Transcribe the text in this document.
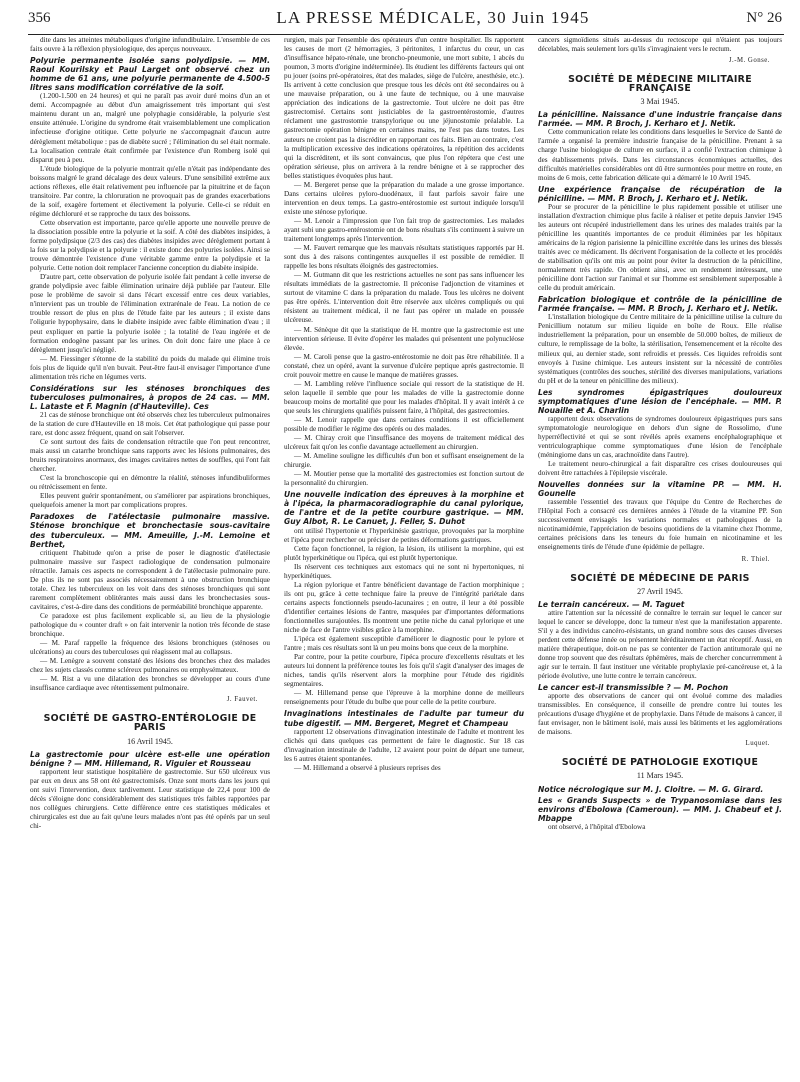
356	LA PRESSE MÉDICALE, 30 Juin 1945	N° 26

dite dans les atteintes métaboliques d'origine infundibulaire. L'ensemble de ces faits ouvre à la réflexion physiologique, des aperçus nouveaux.

Polyurie permanente isolée sans polydipsie. — MM. Raoul Kourilsky et Paul Larget ont observé chez un homme de 61 ans, une polyurie permanente de 4.500-5 litres sans modification corrélative de la soif.

(1.200-1.500 en 24 heures) et qui ne paraît pas avoir duré moins d'un an et demi. Accompagnée au début d'un amaigrissement très important qui s'est maintenu durant un an, malgré une polyphagie considérable, la polyurie s'est ensuite atténuée. L'origine du syndrome était vraisemblablement une complication infectieuse d'origine otitique. Cette polyurie ne s'accompagnait d'aucun autre dérèglement métabolique : pas de diabète sucré ; l'élimination du sel était normale. La localisation centrale était confirmée par l'existence d'un Romberg isolé qui disparut peu à peu.

L'étude biologique de la polyurie montrait qu'elle n'était pas indépendante des boissons malgré le grand décalage des deux valeurs. D'une sensibilité extrême aux actions réflexes, elle était relativement peu influencée par la pituitrine et de façon transitoire. Par contre, la chloruration ne provoquait pas de grandes exacerbations de la soif, exagère fortement et électivement la polyurie. Celle-ci se réduit en régime déchloruré et se rapproche du taux des boissons.

Cette observation est importante, parce qu'elle apporte une nouvelle preuve de la dissociation possible entre la polyurie et la soif. A côté des diabètes insipides, à forme polydipsique (2/3 des cas) des diabètes insipides avec dérèglement portant à la fois sur la polydipsie et la polyurie : il existe donc des polyuries isolées. Ainsi se trouve démontrée l'existence d'une véritable gamme entre la polydipsie et la polyurie. Cette notion doit remplacer l'ancienne conception du diabète insipide.

D'autre part, cette observation de polyurie isolée fait pendant à celle inverse de grande polydipsie avec faible élimination urinaire déjà publiée par l'auteur. Elle pose le problème de savoir si dans l'écart excessif entre ces deux variables, n'intervient pas un trouble de l'élimination extrarénale de l'eau. La notion de ce trouble ressort de plus en plus de l'étude faite par les auteurs ; il existe dans l'oligurie hypophysaire, dans le diabète insipide avec faible élimination d'eau ; il peut expliquer en partie la polyurie isolée ; la totalité de l'eau ingérée et de formation endogène passant par les urines. On doit donc faire une place à ce dérèglement jusqu'ici négligé.

— M. Fiessinger s'étonne de la stabilité du poids du malade qui élimine trois fois plus de liquide qu'il n'en buvait. Peut-être faut-il envisager l'importance d'une alimentation très riche en légumes verts.

Considérations sur les sténoses bronchiques des tuberculoses pulmonaires, à propos de 24 cas. — MM. L. Lataste et F. Magnin (d'Hauteville). Ces

21 cas de sténose bronchique ont été observés chez les tuberculeux pulmonaires de la station de cure d'Hauteville en 18 mois. Cet état pathologique qui passe pour rare, est donc assez fréquent, quand on sait l'observer.

Ce sont surtout des faits de condensation rétractile que l'on peut rencontrer, mais aussi un catarrhe bronchique sans rapports avec les lésions pulmonaires, des bruits respiratoires anormaux, des images cavitaires nettes de souffles, qui l'ont fait chercher.

C'est la bronchoscopie qui en démontre la réalité, sténoses infundibuliformes ou rétrécissement en fente.

Elles peuvent guérir spontanément, ou s'améliorer par aspirations bronchiques, quelquefois amener la mort par complications propres.

Paradoxes de l'atélectasie pulmonaire massive. Sténose bronchique et bronchectasie sous-cavitaire des tuberculeux. — MM. Ameuille, J.-M. Lemoine et Berthet,

critiquent l'habitude qu'on a prise de poser le diagnostic d'atélectasie pulmonaire massive sur l'aspect radiologique de condensation pulmonaire rétractile. Jamais ces aspects ne correspondent à de l'atélectasie pulmonaire pure. De plus ils ne sont pas associés nécessairement à une obstruction bronchique totale. Chez les tuberculeux on les voit dans des sténoses bronchiques qui sont rarement complètement oblitérantes mais aussi dans les bronchectasies sous-cavitaires, c'est-à-dire dans des conditions de perméabilité bronchique apparente.

Ce paradoxe est plus facilement explicable si, au lieu de la physiologie pathologique du « counter draft » on fait intervenir la notion très féconde de stase bronchique.

— M. Paraf rappelle la fréquence des lésions bronchiques (sténoses ou ulcérations) au cours des tuberculoses qui réagissent mal au collapsus.

— M. Lenègre a souvent constaté des lésions des bronches chez des malades chez les sujets classés comme scléreux pulmonaires ou emphysémateux.

— M. Rist a vu une dilatation des bronches se développer au cours d'une insuffisance cardiaque avec rétentissement pulmonaire.

J. Fauvet.

SOCIÉTÉ DE GASTRO-ENTÉROLOGIE DE PARIS
16 Avril 1945.

La gastrectomie pour ulcère est-elle une opération bénigne ? — MM. Hillemand, R. Viguier et Rousseau

rapportent leur statistique hospitalière de gastrectomie. Sur 650 ulcéreux vus par eux en deux ans 58 ont été gastrectomisés. Onze sont morts dans les jours qui ont suivi l'intervention, deux tardivement. Leur statistique de 22,4 pour 100 de décès s'éloigne donc considérablement des statistiques très faibles rapportées par nos collègues chirurgiens. Cette différence entre ces statistiques médicales et chirurgicales est due au fait qu'une leurs malades n'ont pas été opérés par un seul chi-

rurgien, mais par l'ensemble des opérateurs d'un centre hospitalier. Ils rapportent les causes de mort (2 hémorragies, 3 péritonites, 1 infarctus du cœur, un cas d'insuffisance hépato-rénale, une broncho-pneumonie, une mort subite, 1 abcès du poumon, 3 morts d'origine indéterminée). Ils étudient les différents facteurs qui ont pu jouer (soins pré-opératoires, état des malades, siège de l'ulcère, anesthésie, etc.). Ils arrivent à cette conclusion que presque tous les décès ont été secondaires ou à une mauvaise préparation, ou à une faute de technique, ou à une mauvaise appréciation des indications de la gastrectomie. Tout ulcère ne doit pas être gastrectomisé. Certains sont justiciables de la gastroentérostomie, d'autres réclament une gastrostomie transpylorique ou une jéjunostomie préalable. La gastrectomie opération bénigne en certaines mains, ne l'est pas dans toutes. Les auteurs ne croient pas la discréditer en rapportant ces faits. Bien au contraire, c'est la multiplication excessive des indications opératoires, la répétition des accidents qui la discréditent, et ils sont convaincus, que plus l'on répétera que c'est une opération sérieuse, plus on arrivera à la rendre bénigne et à se rapprocher des belles statistiques évoquées plus haut.

— M. Bergeret pense que la préparation du malade a une grosse importance. Dans certains ulcères pyloro-duodénaux, il faut parfois savoir faire une intervention en deux temps. La gastro-entérostomie est surtout indiquée lorsqu'il existe une sténose pylorique.

— M. Lenoir a l'impression que l'on fait trop de gastrectomies. Les malades ayant subi une gastro-entérostomie ont de bons résultats s'ils continuent à suivre un traitement longtemps après l'intervention.

— M. Fauvert remarque que les mauvais résultats statistiques rapportés par H. sont dus à des raisons contingentes auxquelles il est possible de remédier. Il rappelle les bons résultats éloignés des gastrectomies.

— M. Gutmann dit que les restrictions actuelles ne sont pas sans influencer les résultats immédiats de la gastrectomie. Il préconise l'adjonction de vitamines et surtout de vitamine C dans la préparation du malade. Tous les ulcères ne doivent pas être opérés. L'intervention doit être réservée aux ulcères compliqués ou qui résistent au traitement médical, il ne faut pas opérer un malade en poussée ulcéreuse.

— M. Sénèque dit que la statistique de H. montre que la gastrectomie est une intervention sérieuse. Il évite d'opérer les malades qui présentent une polynucléose élevée.

— M. Caroli pense que la gastro-entérostomie ne doit pas être réhabilitée. Il a constaté, chez un opéré, avant la survenue d'ulcère peptique après gastrectomie. Il croit pouvoir mettre en cause le manque de matières grasses.

— M. Lambling relève l'influence sociale qui ressort de la statistique de H. selon laquelle il semble que pour les malades de ville la gastrectomie donne beaucoup moins de mortalité que pour les malades d'hôpital. Il y avait intérêt à ce que seuls les chirurgiens qualifiés puissent faire, à l'hôpital, des gastrectomies.

— M. Lenoir rappelle que dans certaines conditions il est officiellement possible de modifier le régime des opérés ou des malades.

— M. Chiray croit que l'insuffisance des moyens de traitement médical des ulcéreux fait qu'on les confie davantage actuellement au chirurgien.

— M. Ameline souligne les difficultés d'un bon et suffisant enseignement de la chirurgie.

— M. Moutier pense que la mortalité des gastrectomies est fonction surtout de la personnalité du chirurgien.

Une nouvelle indication des épreuves à la morphine et à l'ipéca, la pharmacoradiographie du canal pylorique, de l'antre et de la petite courbure gastrique. — MM. Guy Albot, R. Le Canuet, J. Feller, S. Duhot

ont utilisé l'hypertonie et l'hyperkinésie gastrique, provoquées par la morphine et l'ipéca pour rechercher ou préciser de petites déformations gastriques.

Cette façon fonctionnel, la région, la lésion, ils utilisent la morphine, qui est plutôt hyperkinétique ou l'ipéca, qui est plutôt hypertonique.

Ils réservent ces techniques aux estomacs qui ne sont ni hypertoniques, ni hyperkinétiques.

La région pylorique et l'antre bénéficient davantage de l'action morphinique ; ils ont pu, grâce à cette technique faire la preuve de l'intégrité pariétale dans certains aspects fonctionnels pseudo-lacunaires ; en outre, il leur a été possible d'identifier certaines lésions de l'antre, masquées par d'importantes déformations fonctionnelles surajoutées. Ils montrent une petite niche du canal pylorique et une niche de face de l'antre visibles grâce à la morphine.

L'ipéca est également susceptible d'améliorer le diagnostic pour le pylore et l'antre ; mais ces résultats sont là un peu moins bons que ceux de la morphine.

Par contre, pour la petite courbure, l'ipéca procure d'excellents résultats et les auteurs lui donnent la préférence toutes les fois qu'il s'agit d'analyser des images de niches, tandis qu'ils réservent alors la morphine pour l'étude des rigidités segmentaires.

— M. Hillemand pense que l'épreuve à la morphine donne de meilleurs renseignements pour l'étude du bulbe que pour celle de la petite courbure.

Invaginations intestinales de l'adulte par tumeur du tube digestif. — MM. Bergeret, Megret et Champeau

rapportent 12 observations d'invagination intestinale de l'adulte et montrent les clichés qui dans quelques cas permettent de faire le diagnostic. Sur 18 cas d'invagination intestinale de l'adulte, 12 avaient pour point de départ une tumeur, les 6 autres étaient spontanées.

— M. Hillemand a observé à plusieurs reprises des

cancers sigmoïdiens situés au-dessus du rectoscope qui n'étaient pas toujours décelables, mais seulement lors qu'ils s'invaginaient vers le rectum.

J.-M. Gonse.

SOCIÉTÉ DE MÉDECINE MILITAIRE FRANÇAISE
3 Mai 1945.

La pénicilline. Naissance d'une industrie française dans l'armée. — MM. P. Broch, J. Kerharo et J. Netik.

Cette communication relate les conditions dans lesquelles le Service de Santé de l'armée a organisé la première industrie française de la pénicilline. Prenant à sa charge l'usine biologique de culture en surface, il a confié l'extraction chimique à des établissements privés. Dans les circonstances économiques actuelles, des difficultés matérielles considérables ont dû être surmontées pour mettre en route, en moins de 6 mois, cette fabrication délicate qui a démarré le 10 Avril 1945.

Une expérience française de récupération de la pénicilline. — MM. P. Broch, J. Kerharo et J. Netik.

Pour se procurer de la pénicilline le plus rapidement possible et utiliser une installation d'extraction chimique plus facile à réaliser et petite depuis Janvier 1945 les auteurs ont récupéré industriellement dans les urines des malades traités par la pénicilline les quantités importantes de ce produit éliminées par les hôpitaux américains de la région parisienne la pénicilline excrétée dans les urines des blessés traités avec ce médicament. Ils décrivent l'organisation de la collecte et les procédés de stabilisation qu'ils ont mis au point pour éviter la destruction de la pénicilline, normalement très rapide. On obtient ainsi, avec un rendement intéressant, une pénicilline dont l'action sur l'animal et sur l'homme est sensiblement superposable à celle du produit américain.

Fabrication biologique et contrôle de la pénicilline de l'armée française. — MM. P. Broch, J. Kerharo et J. Netik.

L'installation biologique du Centre militaire de la pénicilline utilise la culture du Penicillium notatum sur milieu liquide en boîte de Roux. Elle réalise industriellement la préparation, pour un ensemble de 50.000 boîtes, de milieux de culture, le remplissage de la boîte, la stérilisation, l'ensemencement et la récolte des milieux qui, au dernier stade, sont refroidis et pressés. Ces liquides refroidis sont envoyés à l'usine chimique. Les auteurs insistent sur la nécessité de contrôles systématiques (contrôles des souches, stérilité des diverses manipulations, variations du pH et de la teneur en pénicilline des milieux).

Les syndromes épigastriques douloureux symptomatiques d'une lésion de l'encéphale. — MM. P. Nouaille et A. Charlin

rapportent deux observations de syndromes douloureux épigastriques purs sans symptomatologie neurologique en dehors d'un signe de Rossolimo, d'une hyperréflectivité et qui se sont révélés après examens encéphalographique et ventriculographique comme symptomatiques d'une lésion de l'encéphale (méningiome dans un cas, arachnoïdite dans l'autre).

Le traitement neuro-chirurgical a fait disparaître ces crises douloureuses qui doivent être rattachées à l'épilepsie viscérale.

Nouvelles données sur la vitamine PP. — MM. H. Gounelle

rassemble l'essentiel des travaux que l'équipe du Centre de Recherches de l'Hôpital Foch a consacré ces dernières années à l'étude de la vitamine PP. Son successivement envisagés les variations normales et pathologiques de la nicotinamidémie, l'appréciation de besoins quotidiens de la vitamine chez l'homme, certaines précisions dans les teneurs du foie humain en nicotinamine et les enseignements tirés de l'étude d'une épidémie de pellagre.

R. Thiel.

SOCIÉTÉ DE MÉDECINE DE PARIS
27 Avril 1945.

Le terrain cancéreux. — M. Taguet

attire l'attention sur la nécessité de connaître le terrain sur lequel le cancer sur lequel le cancer se développe, donc la tumeur n'est que la manifestation apparente. S'il y a des individus cancéro-résistants, un grand nombre sous des causes diverses perdent cette défense innée ou présentent héréditairement un état réceptif. Aussi, en matière thérapeutique, doit-on ne pas se contenter de l'action antitumorale qui ne donne trop souvent que des résultats éphémères, mais de chercher concurremment à agir sur le terrain. Il faut instituer une véritable prophylaxie pré-cancéreuse et, à la période évolutive, une lutte contre le terrain cancéreux.

Le cancer est-il transmissible ? — M. Pochon

apporte des observations de cancer qui ont évolué comme des maladies transmissibles. En conséquence, il conseille de prendre contre lui toutes les précautions d'usage d'hygiène et de prophylaxie. Dans l'étude de maisons à cancer, il faut envisager, non le bâtiment isolé, mais aussi les bâtiments et les agglomérations de maisons.

Luquet.

SOCIÉTÉ DE PATHOLOGIE EXOTIQUE
11 Mars 1945.

Notice nécrologique sur M. J. Cloitre. — M. G. Girard.

Les « Grands Suspects » de Trypanosomiase dans les environs d'Ebolowa (Cameroun). — MM. J. Chabeuf et J. Mbappe

ont observé, à l'hôpital d'Ebolowa
